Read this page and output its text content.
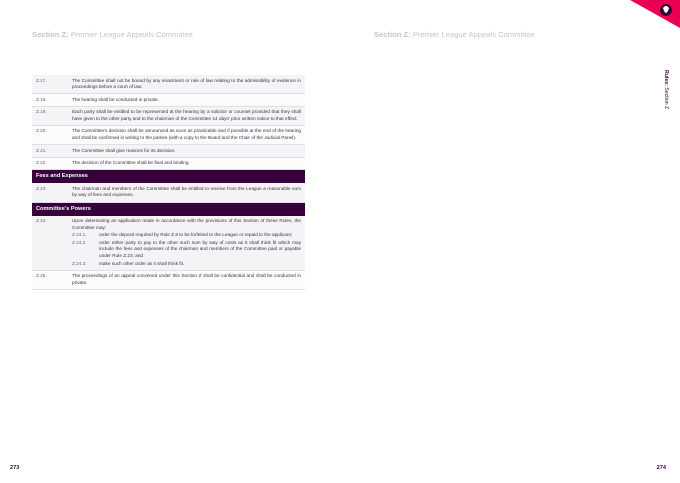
Section Z: Premier League Appeals Committee	Section Z: Premier League Appeals Committee
Rules: Section Z
Z.17.	The Committee shall not be bound by any enactment or rule of law relating to the admissibility of evidence in proceedings before a court of law.
Z.18.	The hearing shall be conducted in private.
Z.19.	Each party shall be entitled to be represented at the hearing by a solicitor or counsel provided that they shall have given to the other party and to the chairman of the Committee 14 days' prior written notice to that effect.
Z.20.	The Committee's decision shall be announced as soon as practicable and if possible at the end of the hearing and shall be confirmed in writing to the parties (with a copy to the Board and the Chair of the Judicial Panel).
Z.21.	The Committee shall give reasons for its decision.
Z.22.	The decision of the Committee shall be final and binding.
Fees and Expenses
Z.23.	The chairman and members of the Committee shall be entitled to receive from the League a reasonable sum by way of fees and expenses.
Committee's Powers
Z.24.	Upon determining an application made in accordance with the provisions of this Section of these Rules, the Committee may:
Z.24.1.	order the deposit required by Rule Z.8 to be forfeited to the League or repaid to the applicant;
Z.24.2.	order either party to pay to the other such sum by way of costs as it shall think fit which may include the fees and expenses of the chairman and members of the Committee paid or payable under Rule Z.23; and
Z.24.3.	make such other order as it shall think fit.
Z.25.	The proceedings of an appeal convened under this Section Z shall be confidential and shall be conducted in private.
273	274
